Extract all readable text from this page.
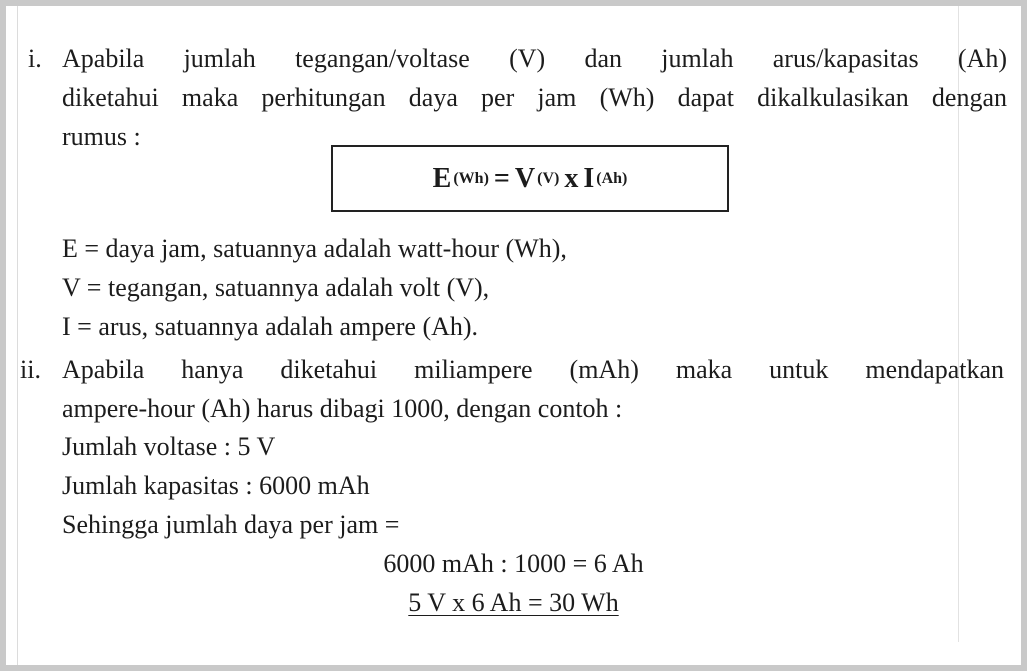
i. Apabila jumlah tegangan/voltase (V) dan jumlah arus/kapasitas (Ah)
diketahui maka perhitungan daya per jam (Wh) dapat dikalkulasikan dengan
rumus :
E (Wh) = V (V) x I (Ah)
E = daya jam, satuannya adalah watt-hour (Wh),
V = tegangan, satuannya adalah volt (V),
I = arus, satuannya adalah ampere (Ah).
ii. Apabila hanya diketahui miliampere (mAh) maka untuk mendapatkan
ampere-hour (Ah) harus dibagi 1000, dengan contoh :
Jumlah voltase : 5 V
Jumlah kapasitas : 6000 mAh
Sehingga jumlah daya per jam =
6000 mAh : 1000 = 6 Ah
5 V x 6 Ah = 30 Wh
